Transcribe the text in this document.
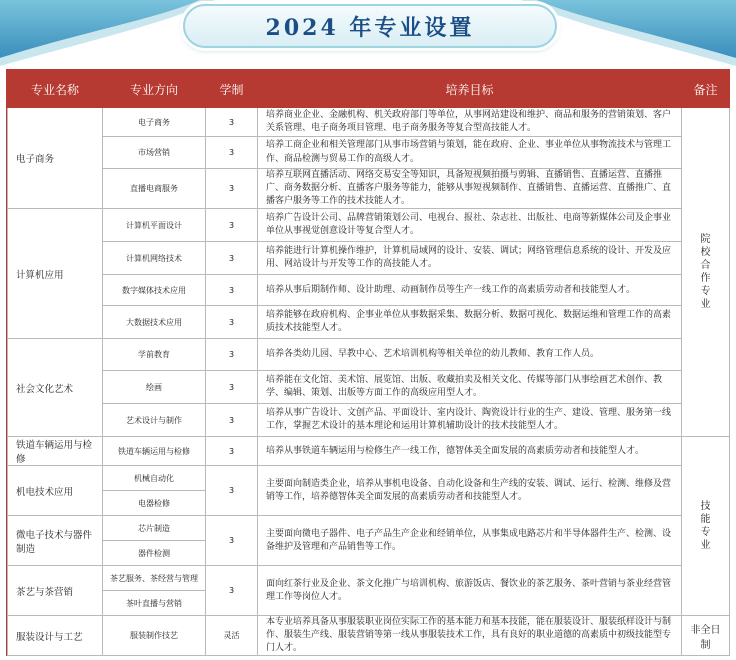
2024 年专业设置
专业名称	专业方向	学制	培养目标	备注
电子商务	电子商务	3	培养商业企业、金融机构、机关政府部门等单位，从事网站建设和维护、商品和服务的营销策划、客户关系管理、电子商务项目管理、电子商务服务等复合型高技能人才。	院校合作专业
	市场营销	3	培养工商企业和相关管理部门从事市场营销与策划，能在政府、企业、事业单位从事物流技术与管理工作、商品检测与贸易工作的高级人才。	
	直播电商服务	3	培养互联网直播活动、网络交易安全等知识，具备短视频拍摄与剪辑、直播销售、直播运营、直播推广、商务数据分析、直播客户服务等能力，能够从事短视频制作、直播销售、直播运营、直播推广、直播客户服务等工作的技术技能人才。	
计算机应用	计算机平面设计	3	培养广告设计公司、品牌营销策划公司、电视台、报社、杂志社、出版社、电商等新媒体公司及企事业单位从事视觉创意设计等复合型人才。	
	计算机网络技术	3	培养能进行计算机操作维护，计算机局域网的设计、安装、调试；网络管理信息系统的设计、开发及应用、网站设计与开发等工作的高技能人才。	
	数字媒体技术应用	3	培养从事后期制作师、设计助理、动画制作员等生产一线工作的高素质劳动者和技能型人才。	
	大数据技术应用	3	培养能够在政府机构、企事业单位从事数据采集、数据分析、数据可视化、数据运维和管理工作的高素质技术技能型人才。	
社会文化艺术	学前教育	3	培养各类幼儿园、早教中心、艺术培训机构等相关单位的幼儿教师、教育工作人员。	
	绘画	3	培养能在文化馆、美术馆、展览馆、出版、收藏拍卖及相关文化、传媒等部门从事绘画艺术创作、教学、编辑、策划、出版等方面工作的高级应用型人才。	
	艺术设计与制作	3	培养从事广告设计、文创产品、平面设计、室内设计、陶瓷设计行业的生产、建设、管理、服务第一线工作，掌握艺术设计的基本理论和运用计算机辅助设计的技术技能型人才。	
铁道车辆运用与检修	铁道车辆运用与检修	3	培养从事铁道车辆运用与检修生产一线工作，德智体美全面发展的高素质劳动者和技能型人才。	技能专业
机电技术应用	机械自动化	3	主要面向制造类企业，培养从事机电设备、自动化设备和生产线的安装、调试、运行、检测、维修及营销等工作，培养德智体美全面发展的高素质劳动者和技能型人才。	
	电器检修			
微电子技术与器件制造	芯片制造	3	主要面向微电子器件、电子产品生产企业和经销单位，从事集成电路芯片和半导体器件生产、检测、设备维护及管理和产品销售等工作。	
	器件检测			
茶艺与茶营销	茶艺服务、茶经营与管理	3	面向红茶行业及企业、茶文化推广与培训机构、旅游饭店、餐饮业的茶艺服务、茶叶营销与茶业经营管理工作等岗位人才。	
	茶叶直播与营销			
服装设计与工艺	服装制作技艺	灵活	本专业培养具备从事服装职业岗位实际工作的基本能力和基本技能，能在服装设计、服装纸样设计与制作、服装生产线、服装营销等第一线从事服装技术工作，具有良好的职业道德的高素质中初级技能型专门人才。	非全日制
